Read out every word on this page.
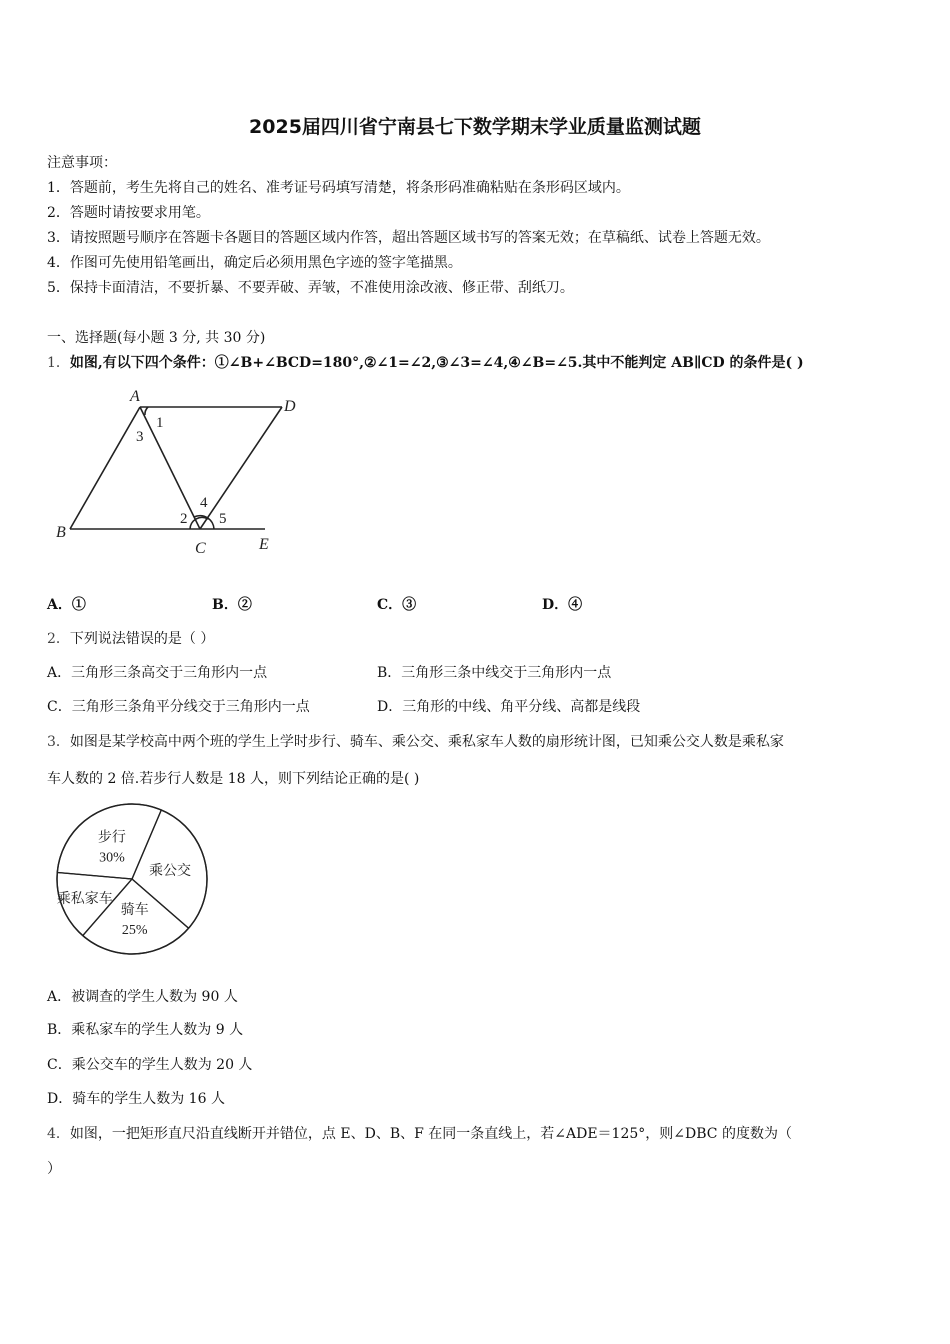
2025届四川省宁南县七下数学期末学业质量监测试题
注意事项：
1．答题前，考生先将自己的姓名、准考证号码填写清楚，将条形码准确粘贴在条形码区域内。
2．答题时请按要求用笔。
3．请按照题号顺序在答题卡各题目的答题区域内作答，超出答题区域书写的答案无效；在草稿纸、试卷上答题无效。
4．作图可先使用铅笔画出，确定后必须用黑色字迹的签字笔描黑。
5．保持卡面清洁，不要折暴、不要弄破、弄皱，不准使用涂改液、修正带、刮纸刀。
一、选择题(每小题 3 分, 共 30 分)
1．如图,有以下四个条件：①∠B+∠BCD=180°,②∠1=∠2,③∠3=∠4,④∠B=∠5.其中不能判定 AB∥CD 的条件是( )
A
D
B
C	E
1
3
2
4
5
A．①	B．②	C．③	D．④
2．下列说法错误的是（ ）
A．三角形三条高交于三角形内一点	B．三角形三条中线交于三角形内一点
C．三角形三条角平分线交于三角形内一点	D．三角形的中线、角平分线、高都是线段
3．如图是某学校高中两个班的学生上学时步行、骑车、乘公交、乘私家车人数的扇形统计图，已知乘公交人数是乘私家
车人数的 2 倍.若步行人数是 18 人，则下列结论正确的是( )
步行
30%
乘公交
骑车
25%
乘私家车
A．被调查的学生人数为 90 人
B．乘私家车的学生人数为 9 人
C．乘公交车的学生人数为 20 人
D．骑车的学生人数为 16 人
4．如图，一把矩形直尺沿直线断开并错位，点 E、D、B、F 在同一条直线上，若∠ADE＝125°，则∠DBC 的度数为（
）
